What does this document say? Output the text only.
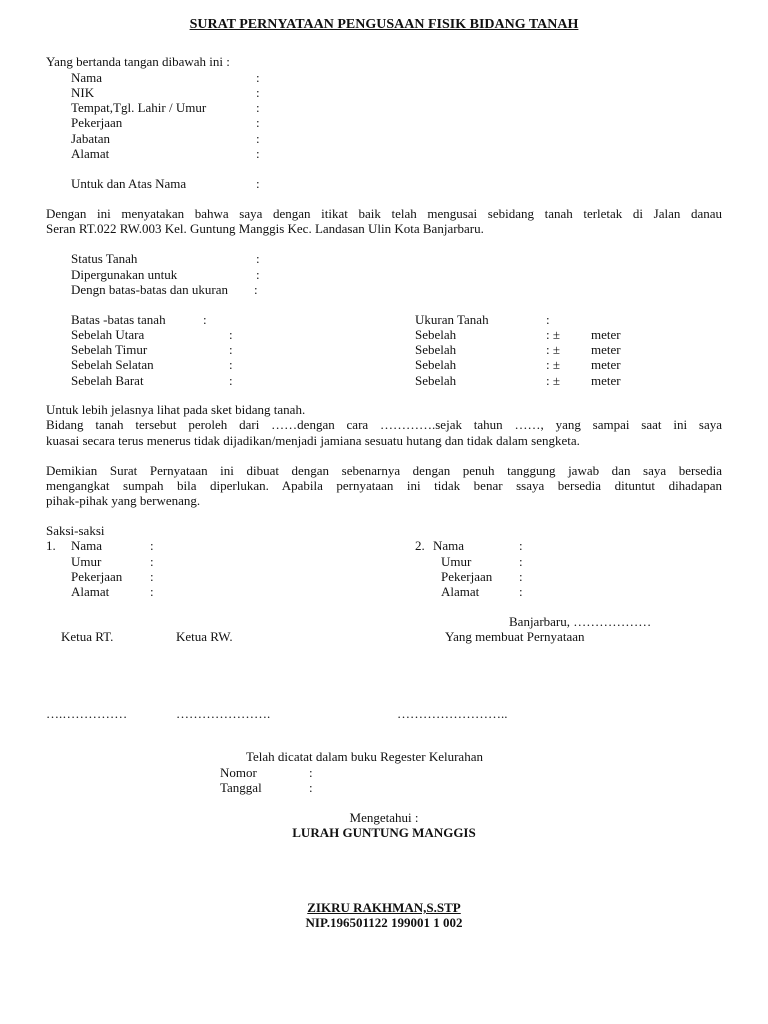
SURAT PERNYATAAN PENGUSAAN FISIK BIDANG TANAH
Yang bertanda tangan dibawah ini :
Nama	:
NIK	:
Tempat,Tgl. Lahir / Umur	:
Pekerjaan	:
Jabatan	:
Alamat	:
Untuk dan Atas Nama	:
Dengan ini menyatakan bahwa saya dengan itikat baik telah mengusai sebidang tanah terletak di Jalan danau
Seran RT.022 RW.003 Kel. Guntung Manggis Kec. Landasan Ulin Kota Banjarbaru.
Status Tanah	:
Dipergunakan untuk	:
Dengn batas-batas dan ukuran :
Batas -batas tanah	:	Ukuran Tanah	:
Sebelah Utara	:	Sebelah	: ± meter
Sebelah Timur	:	Sebelah	: ± meter
Sebelah Selatan	:	Sebelah	: ± meter
Sebelah Barat	:	Sebelah	: ± meter
Untuk lebih jelasnya lihat pada sket bidang tanah.
Bidang tanah tersebut peroleh dari ……dengan cara ………….sejak tahun ……, yang sampai saat ini saya
kuasai secara terus menerus tidak dijadikan/menjadi jamiana sesuatu hutang dan tidak dalam sengketa.
Demikian Surat Pernyataan ini dibuat dengan sebenarnya dengan penuh tanggung jawab dan saya bersedia
mengangkat sumpah bila diperlukan. Apabila pernyataan ini tidak benar ssaya bersedia dituntut dihadapan
pihak-pihak yang berwenang.
Saksi-saksi
1. Nama	:
Umur	:
Pekerjaan :
Alamat	:
2. Nama	:
Umur	:
Pekerjaan :
Alamat	:
Banjarbaru, ………………
Ketua RT.	Ketua RW.	Yang membuat Pernyataan
….……………	………………….	……………………..
Telah dicatat dalam buku Regester Kelurahan
Nomor	:
Tanggal	:
Mengetahui :
LURAH GUNTUNG MANGGIS
ZIKRU RAKHMAN,S.STP
NIP.196501122 199001 1 002
